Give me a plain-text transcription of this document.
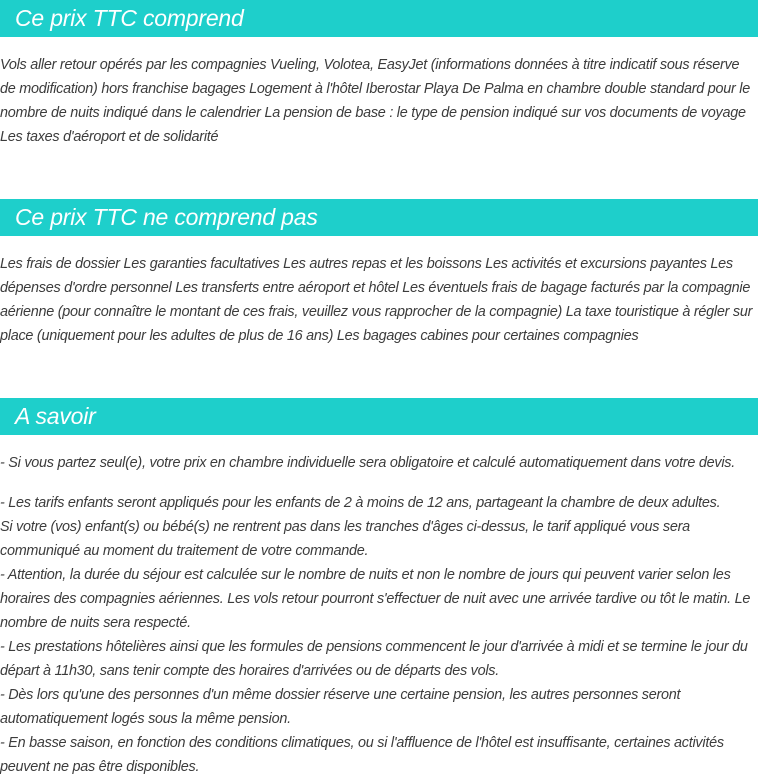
Ce prix TTC comprend

Vols aller retour opérés par les compagnies Vueling, Volotea, EasyJet (informations données à titre indicatif sous réserve de modification) hors franchise bagages Logement à l'hôtel Iberostar Playa De Palma en chambre double standard pour le nombre de nuits indiqué dans le calendrier La pension de base : le type de pension indiqué sur vos documents de voyage Les taxes d'aéroport et de solidarité

Ce prix TTC ne comprend pas

Les frais de dossier Les garanties facultatives Les autres repas et les boissons Les activités et excursions payantes Les dépenses d'ordre personnel Les transferts entre aéroport et hôtel Les éventuels frais de bagage facturés par la compagnie aérienne (pour connaître le montant de ces frais, veuillez vous rapprocher de la compagnie) La taxe touristique à régler sur place (uniquement pour les adultes de plus de 16 ans) Les bagages cabines pour certaines compagnies

A savoir

- Si vous partez seul(e), votre prix en chambre individuelle sera obligatoire et calculé automatiquement dans votre devis.

- Les tarifs enfants seront appliqués pour les enfants de 2 à moins de 12 ans, partageant la chambre de deux adultes.

Si votre (vos) enfant(s) ou bébé(s) ne rentrent pas dans les tranches d'âges ci-dessus, le tarif appliqué vous sera communiqué au moment du traitement de votre commande.

- Attention, la durée du séjour est calculée sur le nombre de nuits et non le nombre de jours qui peuvent varier selon les horaires des compagnies aériennes. Les vols retour pourront s'effectuer de nuit avec une arrivée tardive ou tôt le matin. Le nombre de nuits sera respecté.

- Les prestations hôtelières ainsi que les formules de pensions commencent le jour d'arrivée à midi et se termine le jour du départ à 11h30, sans tenir compte des horaires d'arrivées ou de départs des vols.

- Dès lors qu'une des personnes d'un même dossier réserve une certaine pension, les autres personnes seront automatiquement logés sous la même pension.

- En basse saison, en fonction des conditions climatiques, ou si l'affluence de l'hôtel est insuffisante, certaines activités peuvent ne pas être disponibles.
